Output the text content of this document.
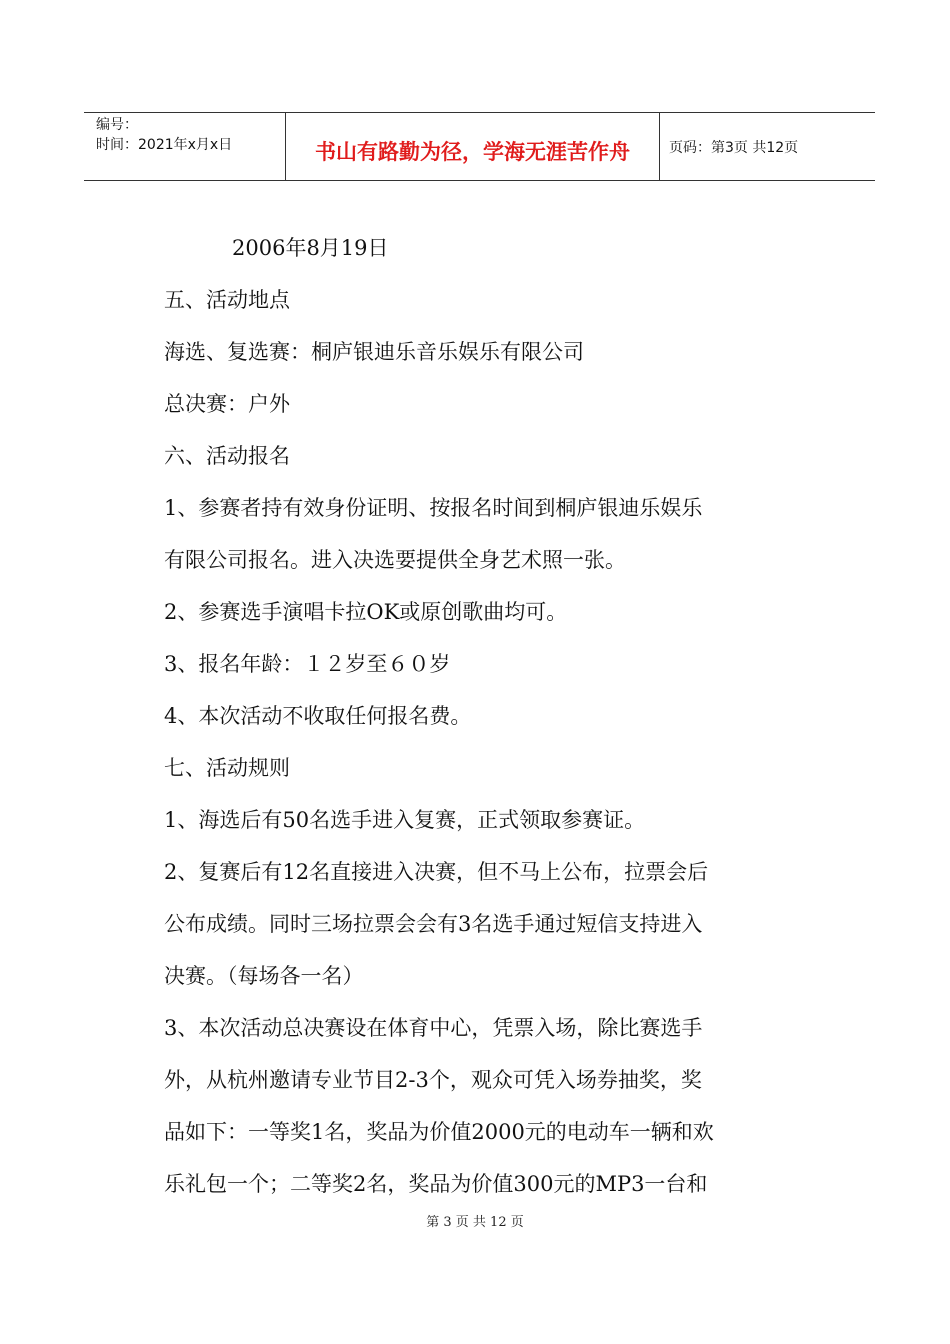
编号：
时间：2021年x月x日	书山有路勤为径，学海无涯苦作舟	页码：第3页 共12页
2006年8月19日
五、活动地点
海选、复选赛：桐庐银迪乐音乐娱乐有限公司
总决赛：户外
六、活动报名
1、参赛者持有效身份证明、按报名时间到桐庐银迪乐娱乐
有限公司报名。进入决选要提供全身艺术照一张。
2、参赛选手演唱卡拉OK或原创歌曲均可。
3、报名年龄：１２岁至６０岁
4、本次活动不收取任何报名费。
七、活动规则
1、海选后有50名选手进入复赛，正式领取参赛证。
2、复赛后有12名直接进入决赛，但不马上公布，拉票会后
公布成绩。同时三场拉票会会有3名选手通过短信支持进入
决赛。（每场各一名）
3、本次活动总决赛设在体育中心，凭票入场，除比赛选手
外，从杭州邀请专业节目2-3个，观众可凭入场券抽奖，奖
品如下：一等奖1名，奖品为价值2000元的电动车一辆和欢
乐礼包一个；二等奖2名，奖品为价值300元的MP3一台和
第 3 页 共 12 页
